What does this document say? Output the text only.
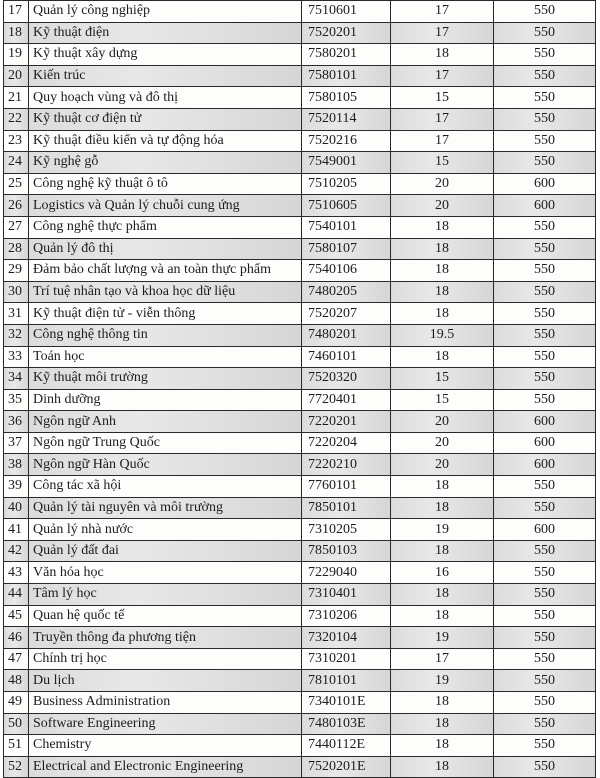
17	Quản lý công nghiệp	7510601	17	550
18	Kỹ thuật điện	7520201	17	550
19	Kỹ thuật xây dựng	7580201	18	550
20	Kiến trúc	7580101	17	550
21	Quy hoạch vùng và đô thị	7580105	15	550
22	Kỹ thuật cơ điện tử	7520114	17	550
23	Kỹ thuật điều kiển và tự động hóa	7520216	17	550
24	Kỹ nghệ gỗ	7549001	15	550
25	Công nghệ kỹ thuật ô tô	7510205	20	600
26	Logistics và Quản lý chuỗi cung ứng	7510605	20	600
27	Công nghệ thực phẩm	7540101	18	550
28	Quản lý đô thị	7580107	18	550
29	Đảm bảo chất lượng và an toàn thực phẩm	7540106	18	550
30	Trí tuệ nhân tạo và khoa học dữ liệu	7480205	18	550
31	Kỹ thuật điện tử - viễn thông	7520207	18	550
32	Công nghệ thông tin	7480201	19.5	550
33	Toán học	7460101	18	550
34	Kỹ thuật môi trường	7520320	15	550
35	Dinh dưỡng	7720401	15	550
36	Ngôn ngữ Anh	7220201	20	600
37	Ngôn ngữ Trung Quốc	7220204	20	600
38	Ngôn ngữ Hàn Quốc	7220210	20	600
39	Công tác xã hội	7760101	18	550
40	Quản lý tài nguyên và môi trường	7850101	18	550
41	Quản lý nhà nước	7310205	19	600
42	Quản lý đất đai	7850103	18	550
43	Văn hóa học	7229040	16	550
44	Tâm lý học	7310401	18	550
45	Quan hệ quốc tế	7310206	18	550
46	Truyền thông đa phương tiện	7320104	19	550
47	Chính trị học	7310201	17	550
48	Du lịch	7810101	19	550
49	Business Administration	7340101E	18	550
50	Software Engineering	7480103E	18	550
51	Chemistry	7440112E	18	550
52	Electrical and Electronic Engineering	7520201E	18	550
